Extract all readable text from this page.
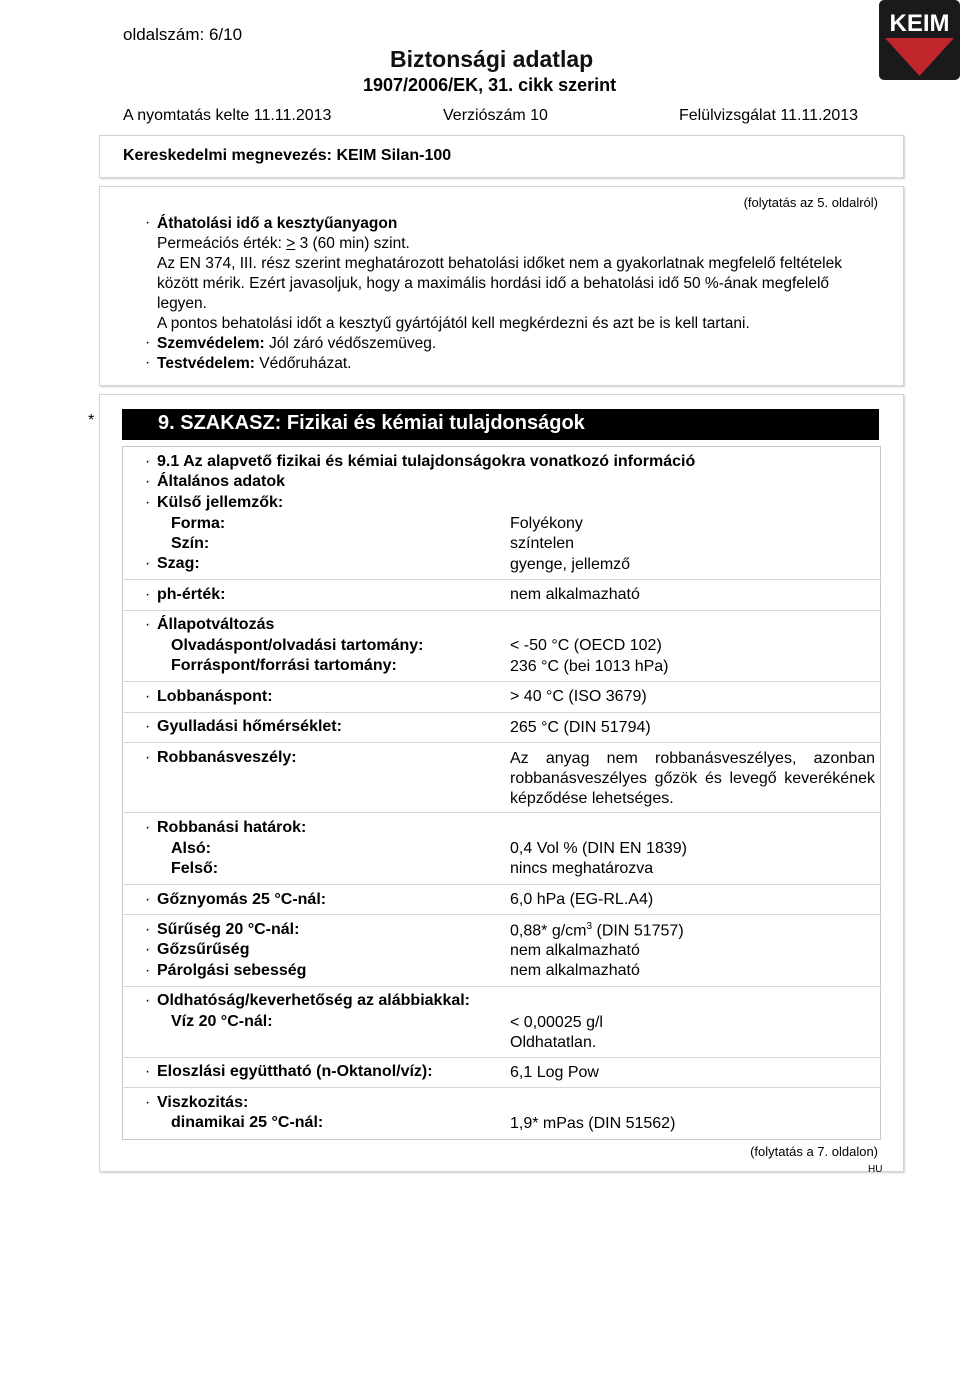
oldalszám: 6/10
Biztonsági adatlap
1907/2006/EK, 31. cikk szerint
A nyomtatás kelte 11.11.2013	Verziószám 10	Felülvizsgálat 11.11.2013
KEIM
Kereskedelmi megnevezés: KEIM Silan-100
(folytatás az 5. oldalról)
· Áthatolási idő a kesztyűanyagon
Permeációs érték: > 3 (60 min) szint.
Az EN 374, III. rész szerint meghatározott behatolási időket nem a gyakorlatnak megfelelő feltételek között mérik. Ezért javasoljuk, hogy a maximális hordási idő a behatolási idő 50 %-ának megfelelő legyen.
A pontos behatolási időt a kesztyű gyártójától kell megkérdezni és azt be is kell tartani.
· Szemvédelem: Jól záró védőszemüveg.
· Testvédelem: Védőruházat.
*	9. SZAKASZ: Fizikai és kémiai tulajdonságok
·
·
·
·
·
·
·
·
·
·
·
·
·
·
·
·
·
9.1 Az alapvető fizikai és kémiai tulajdonságokra vonatkozó információ
Általános adatok
Külső jellemzők:
Forma:	Folyékony
Szín:	színtelen
Szag:	gyenge, jellemző
ph-érték:	nem alkalmazható
Állapotváltozás
Olvadáspont/olvadási tartomány:	< -50 °C (OECD 102)
Forráspont/forrási tartomány:	236 °C (bei 1013 hPa)
Lobbanáspont:	> 40 °C (ISO 3679)
Gyulladási hőmérséklet:	265 °C (DIN 51794)
Robbanásveszély:	Az anyag nem robbanásveszélyes, azonban robbanásveszélyes gőzök és levegő keverékének képződése lehetséges.
Robbanási határok:
Alsó:	0,4 Vol % (DIN EN 1839)
Felső:	nincs meghatározva
Gőznyomás 25 °C-nál:	6,0 hPa (EG-RL.A4)
Sűrűség 20 °C-nál:	0,88* $g/cm^3$ (DIN 51757)
Gőzsűrűség	nem alkalmazható
Párolgási sebesség	nem alkalmazható
Oldhatóság/keverhetőség az alábbiakkal:
Víz 20 °C-nál:	< 0,00025 g/l
Oldhatatlan.
Eloszlási együttható (n-Oktanol/víz):	6,1 Log Pow
Viszkozitás:
dinamikai 25 °C-nál:	1,9* mPas (DIN 51562)
(folytatás a 7. oldalon)
HU
